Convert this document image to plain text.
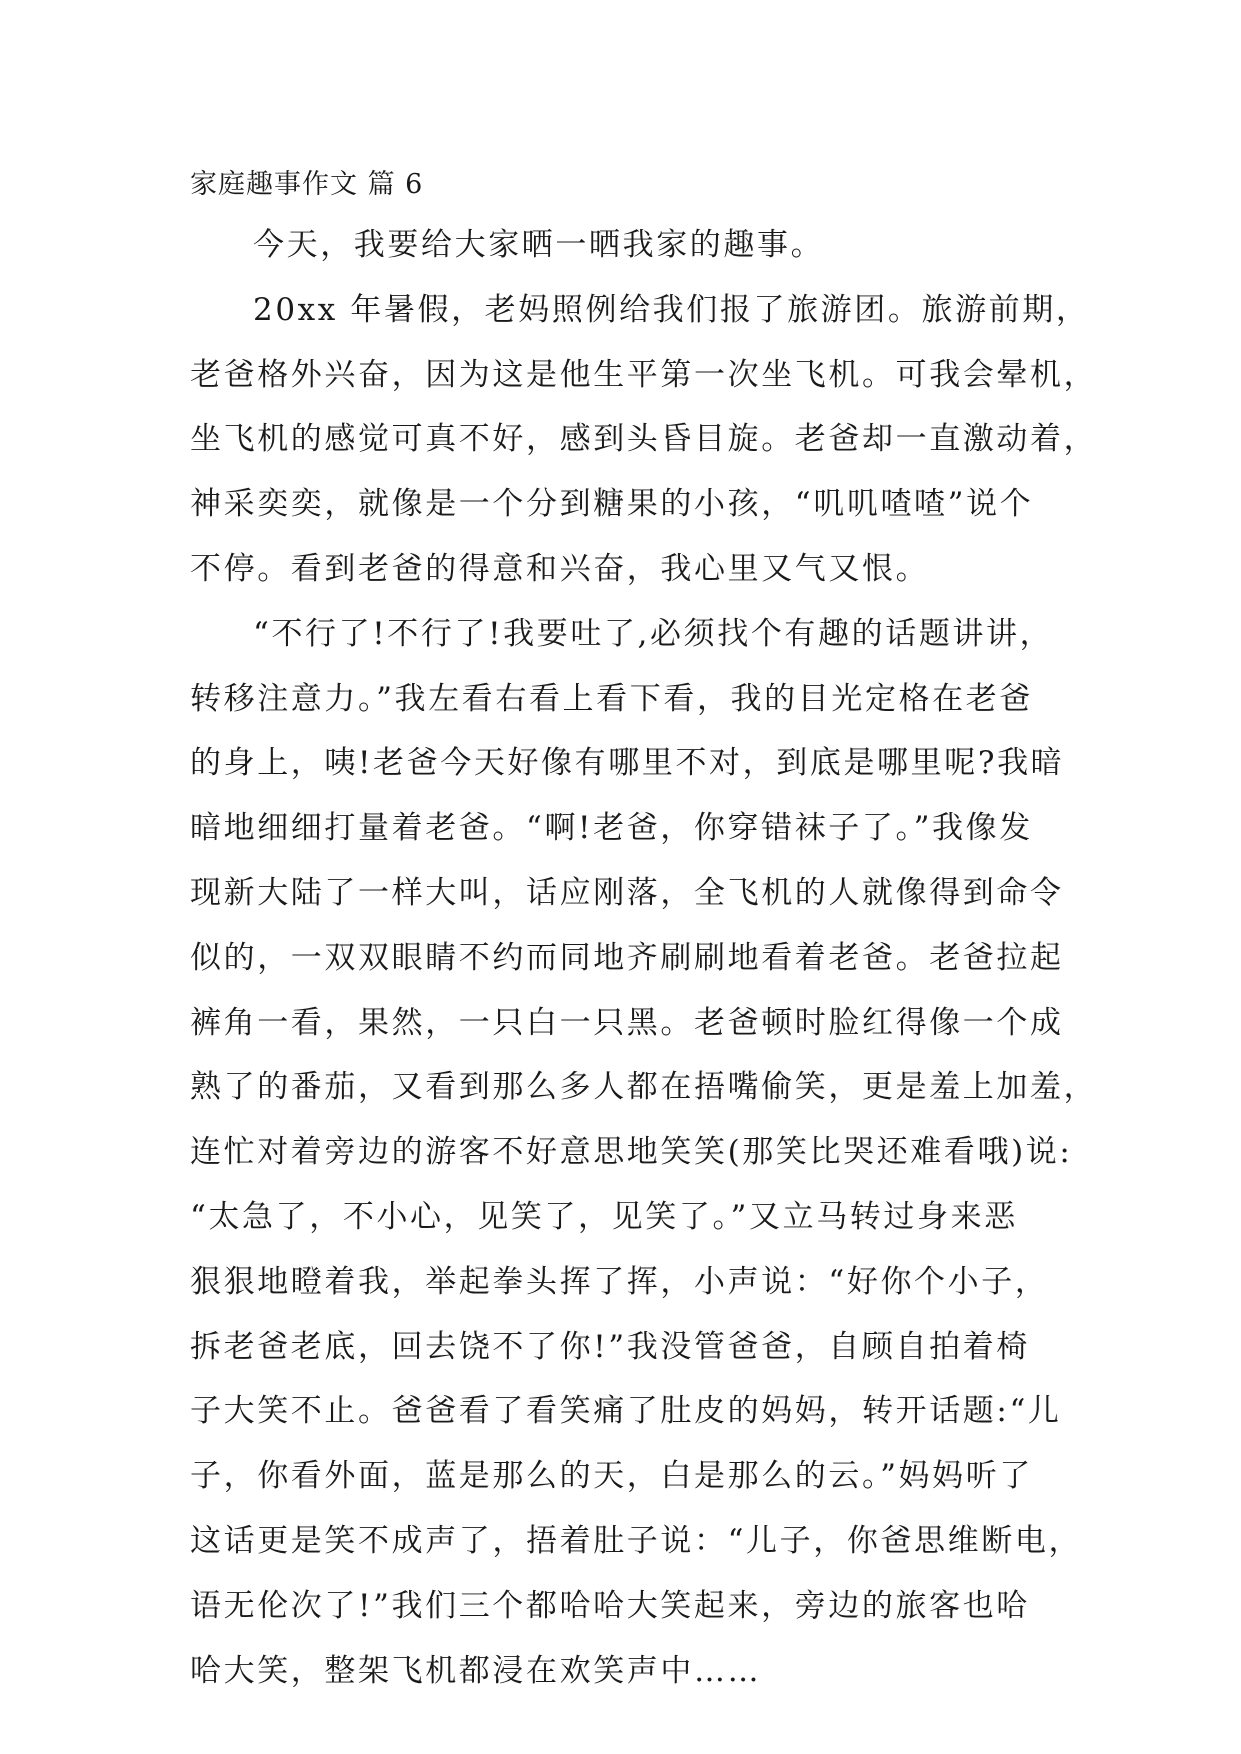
家庭趣事作文 篇 6
今天，我要给大家晒一晒我家的趣事。
20xx 年暑假，老妈照例给我们报了旅游团。旅游前期，
老爸格外兴奋，因为这是他生平第一次坐飞机。可我会晕机，
坐飞机的感觉可真不好，感到头昏目旋。老爸却一直激动着，
神采奕奕，就像是一个分到糖果的小孩，“叽叽喳喳”说个
不停。看到老爸的得意和兴奋，我心里又气又恨。
“不行了!不行了!我要吐了,必须找个有趣的话题讲讲，
转移注意力。”我左看右看上看下看，我的目光定格在老爸
的身上，咦!老爸今天好像有哪里不对，到底是哪里呢?我暗
暗地细细打量着老爸。“啊!老爸，你穿错袜子了。”我像发
现新大陆了一样大叫，话应刚落，全飞机的人就像得到命令
似的，一双双眼睛不约而同地齐刷刷地看着老爸。老爸拉起
裤角一看，果然，一只白一只黑。老爸顿时脸红得像一个成
熟了的番茄，又看到那么多人都在捂嘴偷笑，更是羞上加羞，
连忙对着旁边的游客不好意思地笑笑(那笑比哭还难看哦)说:
“太急了，不小心，见笑了，见笑了。”又立马转过身来恶
狠狠地瞪着我，举起拳头挥了挥，小声说：“好你个小子，
拆老爸老底，回去饶不了你!”我没管爸爸，自顾自拍着椅
子大笑不止。爸爸看了看笑痛了肚皮的妈妈，转开话题:“儿
子，你看外面，蓝是那么的天，白是那么的云。”妈妈听了
这话更是笑不成声了，捂着肚子说：“儿子，你爸思维断电，
语无伦次了!”我们三个都哈哈大笑起来，旁边的旅客也哈
哈大笑，整架飞机都浸在欢笑声中……
